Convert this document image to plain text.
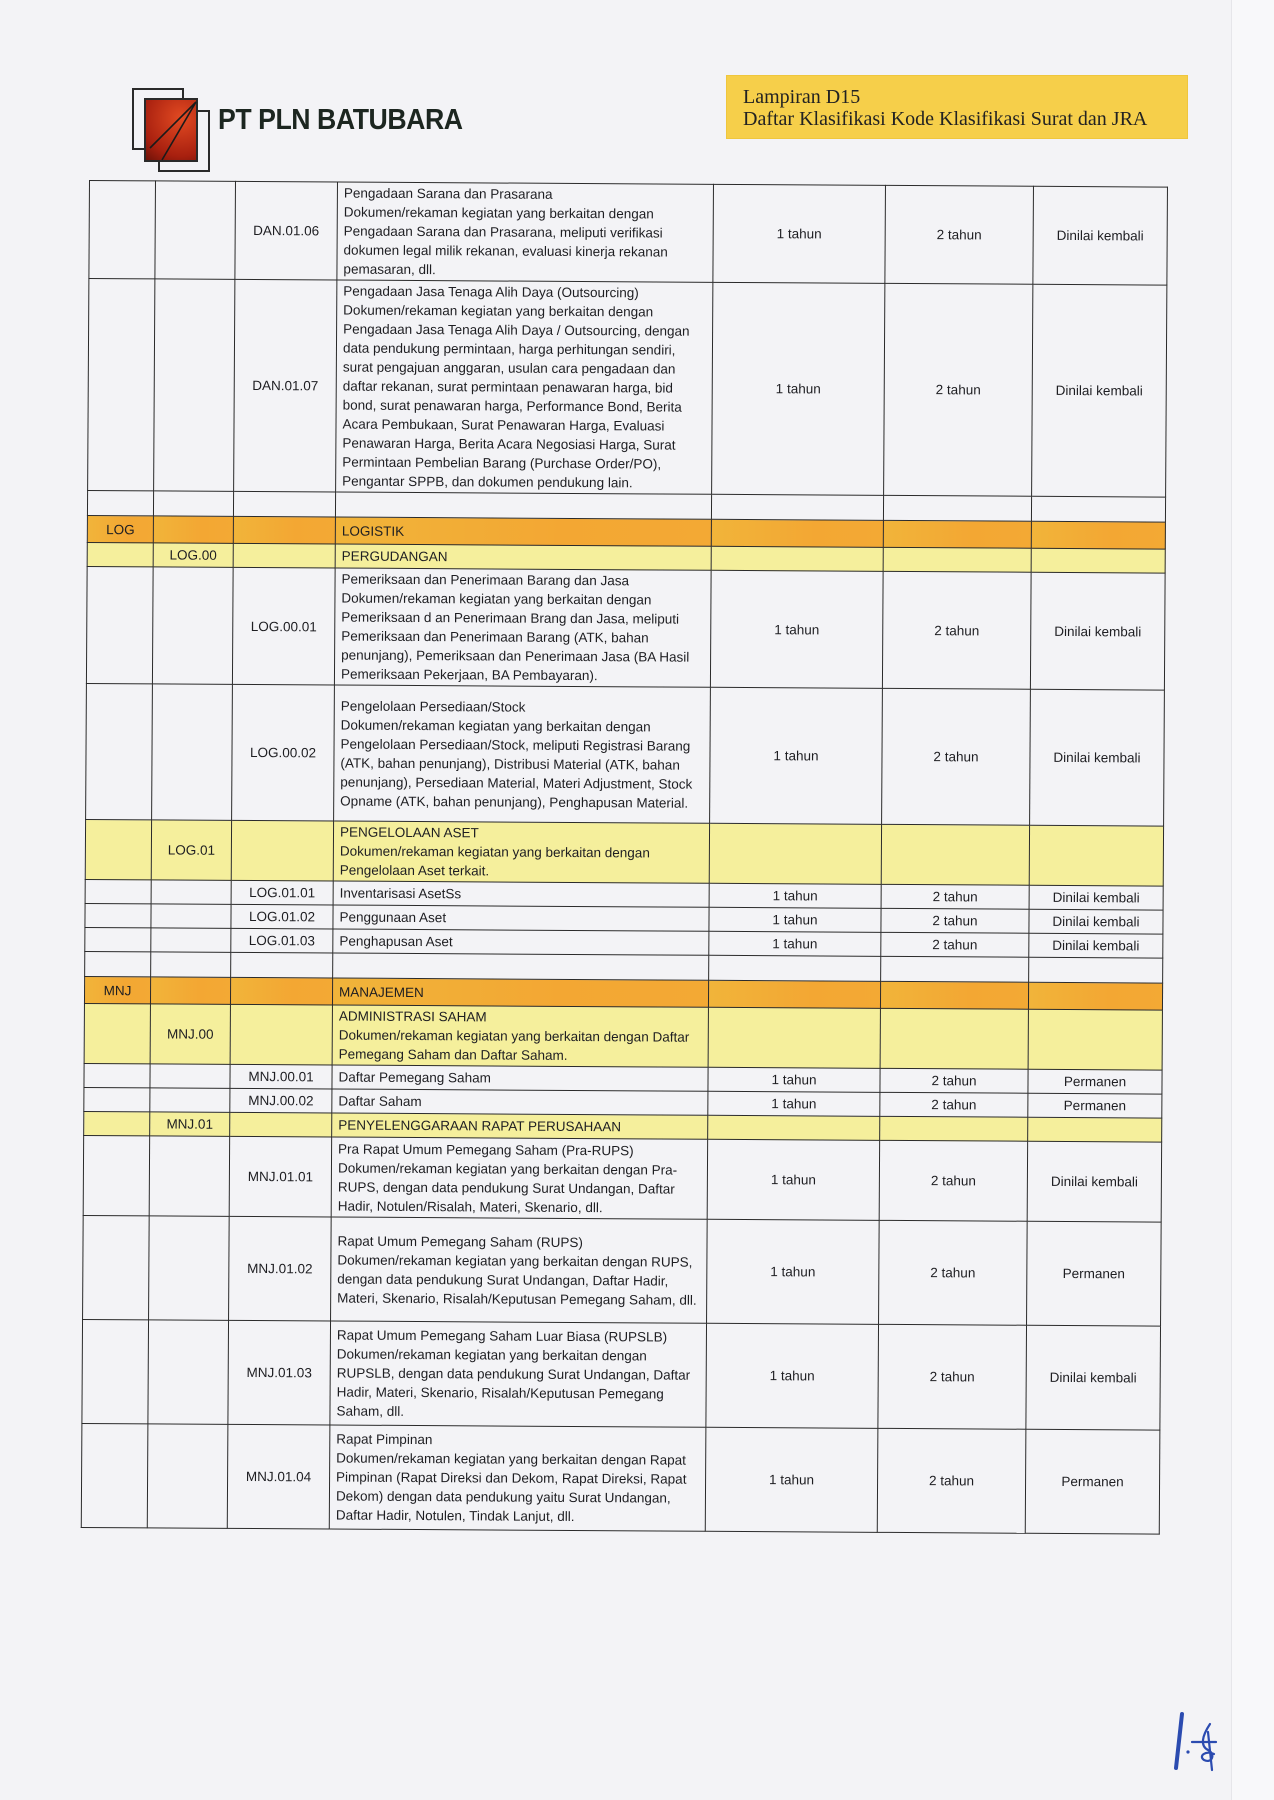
PT PLN BATUBARA
Lampiran D15
Daftar Klasifikasi Kode Klasifikasi Surat dan JRA
		DAN.01.06	Pengadaan Sarana dan Prasarana
Dokumen/rekaman kegiatan yang berkaitan dengan Pengadaan Sarana dan Prasarana, meliputi verifikasi dokumen legal milik rekanan, evaluasi kinerja rekanan pemasaran, dll.	1 tahun	2 tahun	Dinilai kembali
		DAN.01.07	Pengadaan Jasa Tenaga Alih Daya (Outsourcing)
Dokumen/rekaman kegiatan yang berkaitan dengan Pengadaan Jasa Tenaga Alih Daya / Outsourcing, dengan data pendukung permintaan, harga perhitungan sendiri, surat pengajuan anggaran, usulan cara pengadaan dan daftar rekanan, surat permintaan penawaran harga, bid bond, surat penawaran harga, Performance Bond, Berita Acara Pembukaan, Surat Penawaran Harga, Evaluasi Penawaran Harga, Berita Acara Negosiasi Harga, Surat Permintaan Pembelian Barang (Purchase Order/PO), Pengantar SPPB, dan dokumen pendukung lain.	1 tahun	2 tahun	Dinilai kembali

LOG			LOGISTIK			
	LOG.00		PERGUDANGAN			

		LOG.00.01	Pemeriksaan dan Penerimaan Barang dan Jasa
Dokumen/rekaman kegiatan yang berkaitan dengan Pemeriksaan d an Penerimaan Brang dan Jasa, meliputi Pemeriksaan dan Penerimaan Barang (ATK, bahan penunjang), Pemeriksaan dan Penerimaan Jasa (BA Hasil Pemeriksaan Pekerjaan, BA Pembayaran).	1 tahun	2 tahun	Dinilai kembali
		LOG.00.02	Pengelolaan Persediaan/Stock
Dokumen/rekaman kegiatan yang berkaitan dengan Pengelolaan Persediaan/Stock, meliputi Registrasi Barang (ATK, bahan penunjang), Distribusi Material (ATK, bahan penunjang), Persediaan Material, Materi Adjustment, Stock Opname (ATK, bahan penunjang), Penghapusan Material.	1 tahun	2 tahun	Dinilai kembali
	LOG.01		PENGELOLAAN ASET
Dokumen/rekaman kegiatan yang berkaitan dengan Pengelolaan Aset terkait.			

		LOG.01.01	Inventarisasi AsetSs	1 tahun	2 tahun	Dinilai kembali
		LOG.01.02	Penggunaan Aset	1 tahun	2 tahun	Dinilai kembali
		LOG.01.03	Penghapusan Aset	1 tahun	2 tahun	Dinilai kembali

MNJ			MANAJEMEN			
	MNJ.00		ADMINISTRASI SAHAM
Dokumen/rekaman kegiatan yang berkaitan dengan Daftar Pemegang Saham dan Daftar Saham.			

		MNJ.00.01	Daftar Pemegang Saham	1 tahun	2 tahun	Permanen
		MNJ.00.02	Daftar Saham	1 tahun	2 tahun	Permanen
	MNJ.01		PENYELENGGARAAN RAPAT PERUSAHAAN			

		MNJ.01.01	Pra Rapat Umum Pemegang Saham (Pra-RUPS)
Dokumen/rekaman kegiatan yang berkaitan dengan Pra-RUPS, dengan data pendukung Surat Undangan, Daftar Hadir, Notulen/Risalah, Materi, Skenario, dll.	1 tahun	2 tahun	Dinilai kembali
		MNJ.01.02	Rapat Umum Pemegang Saham (RUPS)
Dokumen/rekaman kegiatan yang berkaitan dengan RUPS, dengan data pendukung Surat Undangan, Daftar Hadir, Materi, Skenario, Risalah/Keputusan Pemegang Saham, dll.	1 tahun	2 tahun	Permanen
		MNJ.01.03	Rapat Umum Pemegang Saham Luar Biasa (RUPSLB)
Dokumen/rekaman kegiatan yang berkaitan dengan RUPSLB, dengan data pendukung Surat Undangan, Daftar Hadir, Materi, Skenario, Risalah/Keputusan Pemegang Saham, dll.	1 tahun	2 tahun	Dinilai kembali
		MNJ.01.04	Rapat Pimpinan
Dokumen/rekaman kegiatan yang berkaitan dengan Rapat Pimpinan (Rapat Direksi dan Dekom, Rapat Direksi, Rapat Dekom) dengan data pendukung yaitu Surat Undangan, Daftar Hadir, Notulen, Tindak Lanjut, dll.	1 tahun	2 tahun	Permanen
